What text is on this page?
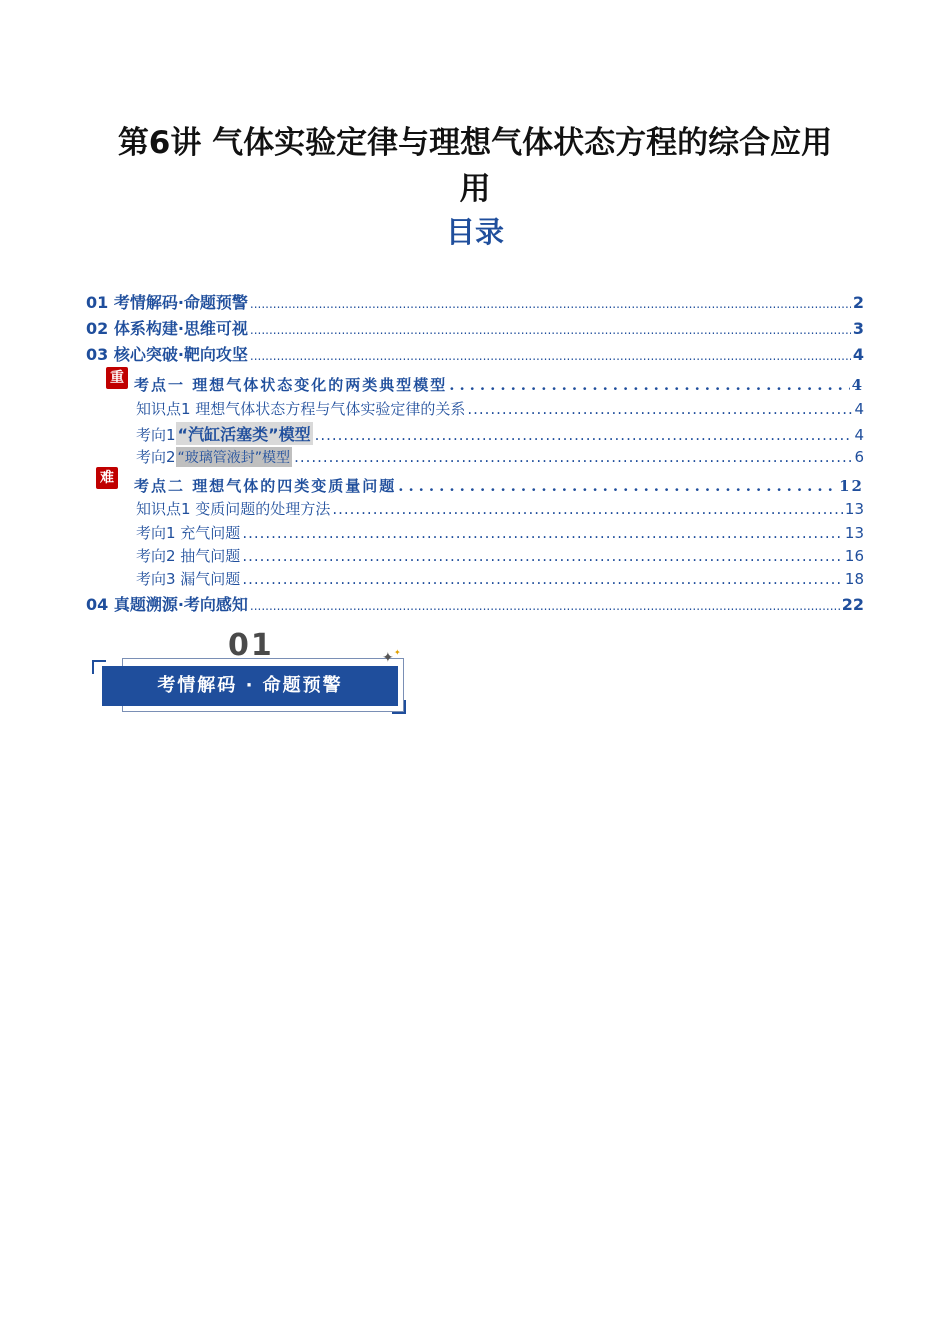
第6讲 气体实验定律与理想气体状态方程的综合应用
用
目录
01 考情解码·命题预警 .....	2
02 体系构建·思维可视 .....	3
03 核心突破·靶向攻坚 .....	4
重 考点一 理想气体状态变化的两类典型模型 .....	4
知识点1 理想气体状态方程与气体实验定律的关系 .....	4
考向1 “汽缸活塞类”模型 .....	4
考向2 “玻璃管液封”模型 .....	6
难 考点二 理想气体的四类变质量问题 .....	12
知识点1 变质问题的处理方法 .....	13
考向1 充气问题 .....	13
考向2 抽气问题 .....	16
考向3 漏气问题 .....	18
04 真题溯源·考向感知 .....	22
01
考情解码 · 命题预警
✦ ✦
